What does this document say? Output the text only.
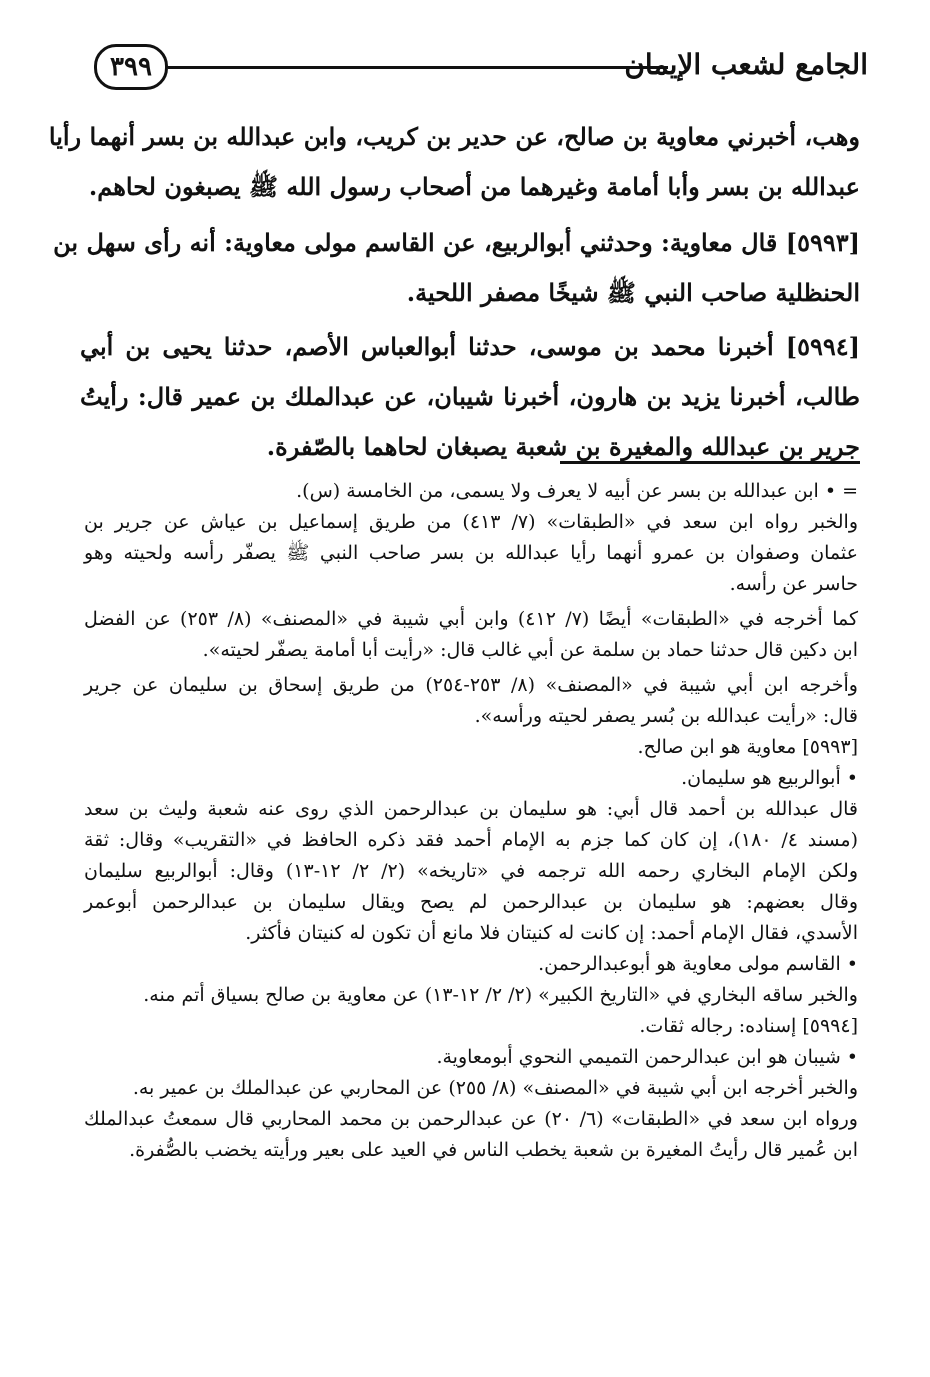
٣٩٩	الجامع لشعب الإيمان
وهب، أخبرني معاوية بن صالح، عن حدير بن كريب، وابن عبدالله بن بسر أنهما رأيا
عبدالله بن بسر وأبا أمامة وغيرهما من أصحاب رسول الله ﷺ يصبغون لحاهم.
[٥٩٩٣] قال معاوية: وحدثني أبوالربيع، عن القاسم مولى معاوية: أنه رأى سهل بن
الحنظلية صاحب النبي ﷺ شيخًا مصفر اللحية.
[٥٩٩٤] أخبرنا محمد بن موسى، حدثنا أبوالعباس الأصم، حدثنا يحيى بن أبي
طالب، أخبرنا يزيد بن هارون، أخبرنا شيبان، عن عبدالملك بن عمير قال: رأيتُ
جرير بن عبدالله والمغيرة بن شعبة يصبغان لحاهما بالصّفرة.
= • ابن عبدالله بن بسر عن أبيه لا يعرف ولا يسمى، من الخامسة (س).
والخبر رواه ابن سعد في «الطبقات» (٧/ ٤١٣) من طريق إسماعيل بن عياش عن جرير بن
عثمان وصفوان بن عمرو أنهما رأيا عبدالله بن بسر صاحب النبي ﷺ يصفّر رأسه ولحيته وهو
حاسر عن رأسه.
كما أخرجه في «الطبقات» أيضًا (٧/ ٤١٢) وابن أبي شيبة في «المصنف» (٨/ ٢٥٣) عن الفضل
ابن دكين قال حدثنا حماد بن سلمة عن أبي غالب قال: «رأيت أبا أمامة يصفّر لحيته».
وأخرجه ابن أبي شيبة في «المصنف» (٨/ ٢٥٣-٢٥٤) من طريق إسحاق بن سليمان عن جرير
قال: «رأيت عبدالله بن بُسر يصفر لحيته ورأسه».
[٥٩٩٣] معاوية هو ابن صالح.
• أبوالربيع هو سليمان.
قال عبدالله بن أحمد قال أبي: هو سليمان بن عبدالرحمن الذي روى عنه شعبة وليث بن سعد
(مسند ٤/ ١٨٠)، إن كان كما جزم به الإمام أحمد فقد ذكره الحافظ في «التقريب» وقال: ثقة
ولكن الإمام البخاري رحمه الله ترجمه في «تاريخه» (٢/ ٢/ ١٢-١٣) وقال: أبوالربيع سليمان
وقال بعضهم: هو سليمان بن عبدالرحمن لم يصح ويقال سليمان بن عبدالرحمن أبوعمر
الأسدي، فقال الإمام أحمد: إن كانت له كنيتان فلا مانع أن تكون له كنيتان فأكثر.
• القاسم مولى معاوية هو أبوعبدالرحمن.
والخبر ساقه البخاري في «التاريخ الكبير» (٢/ ٢/ ١٢-١٣) عن معاوية بن صالح بسياق أتم منه.
[٥٩٩٤] إسناده: رجاله ثقات.
• شيبان هو ابن عبدالرحمن التميمي النحوي أبومعاوية.
والخبر أخرجه ابن أبي شيبة في «المصنف» (٨/ ٢٥٥) عن المحاربي عن عبدالملك بن عمير به.
ورواه ابن سعد في «الطبقات» (٦/ ٢٠) عن عبدالرحمن بن محمد المحاربي قال سمعتُ عبدالملك
ابن عُمير قال رأيتُ المغيرة بن شعبة يخطب الناس في العيد على بعير ورأيته يخضب بالصُّفرة.
